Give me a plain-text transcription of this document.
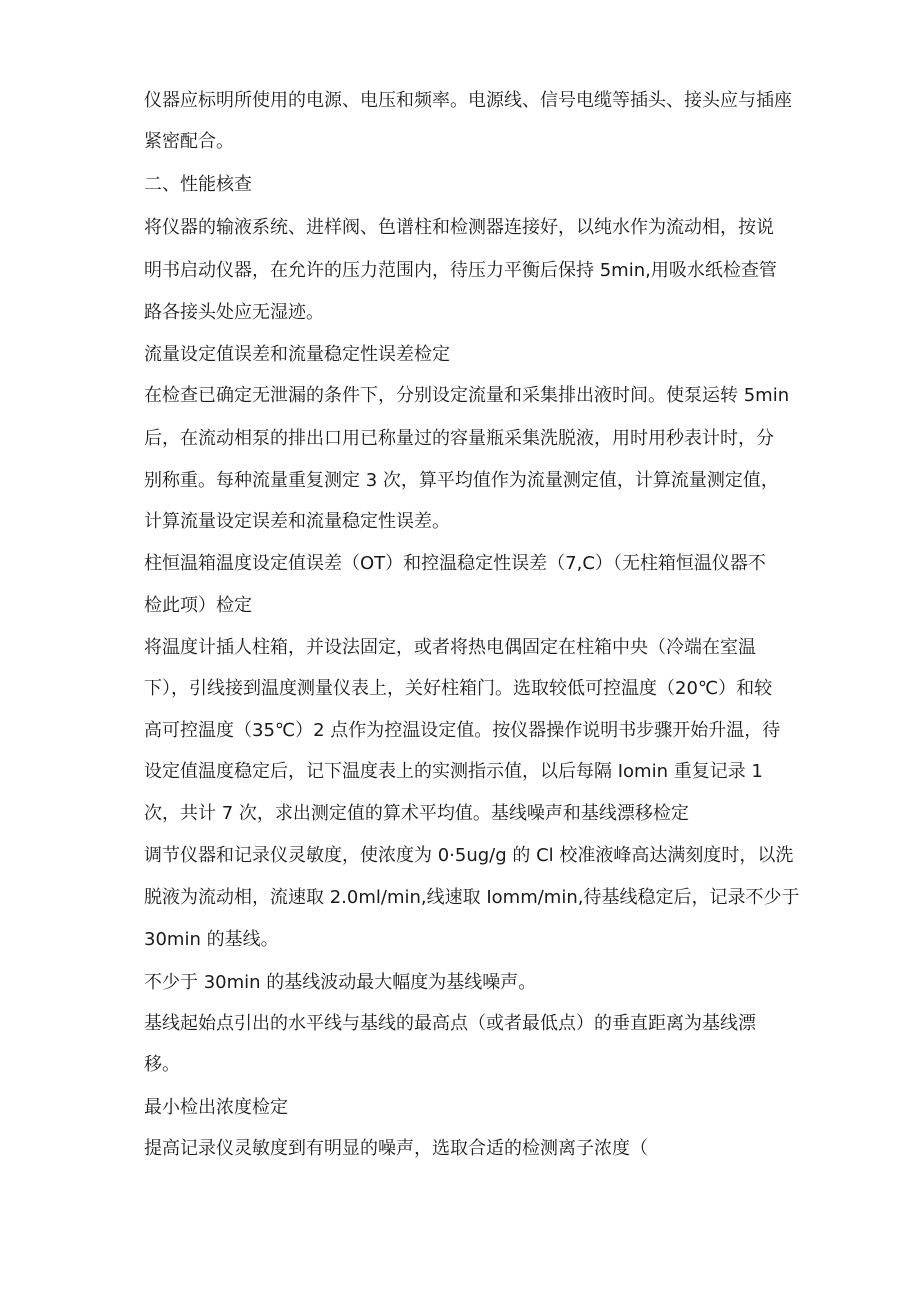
仪器应标明所使用的电源、电压和频率。电源线、信号电缆等插头、接头应与插座
紧密配合。
二、性能核查
将仪器的输液系统、进样阀、色谱柱和检测器连接好，以纯水作为流动相，按说
明书启动仪器，在允许的压力范围内，待压力平衡后保持 5min,用吸水纸检查管
路各接头处应无湿迹。
流量设定值误差和流量稳定性误差检定
在检查已确定无泄漏的条件下，分别设定流量和采集排出液时间。使泵运转 5min
后，在流动相泵的排出口用已称量过的容量瓶采集洗脱液，用时用秒表计时，分
别称重。每种流量重复测定 3 次，算平均值作为流量测定值，计算流量测定值，
计算流量设定误差和流量稳定性误差。
柱恒温箱温度设定值误差（OT）和控温稳定性误差（7,C）（无柱箱恒温仪器不
检此项）检定
将温度计插人柱箱，并设法固定，或者将热电偶固定在柱箱中央（冷端在室温
下），引线接到温度测量仪表上，关好柱箱门。选取较低可控温度（20℃）和较
高可控温度（35℃）2 点作为控温设定值。按仪器操作说明书步骤开始升温，待
设定值温度稳定后，记下温度表上的实测指示值，以后每隔 Iomin 重复记录 1
次，共计 7 次，求出测定值的算术平均值。基线噪声和基线漂移检定
调节仪器和记录仪灵敏度，使浓度为 0·5ug/g 的 Cl 校准液峰高达满刻度时，以洗
脱液为流动相，流速取 2.0ml∕min,线速取 Iomm∕min,待基线稳定后，记录不少于
30min 的基线。
不少于 30min 的基线波动最大幅度为基线噪声。
基线起始点引出的水平线与基线的最高点（或者最低点）的垂直距离为基线漂
移。
最小检出浓度检定
提高记录仪灵敏度到有明显的噪声，选取合适的检测离子浓度（
